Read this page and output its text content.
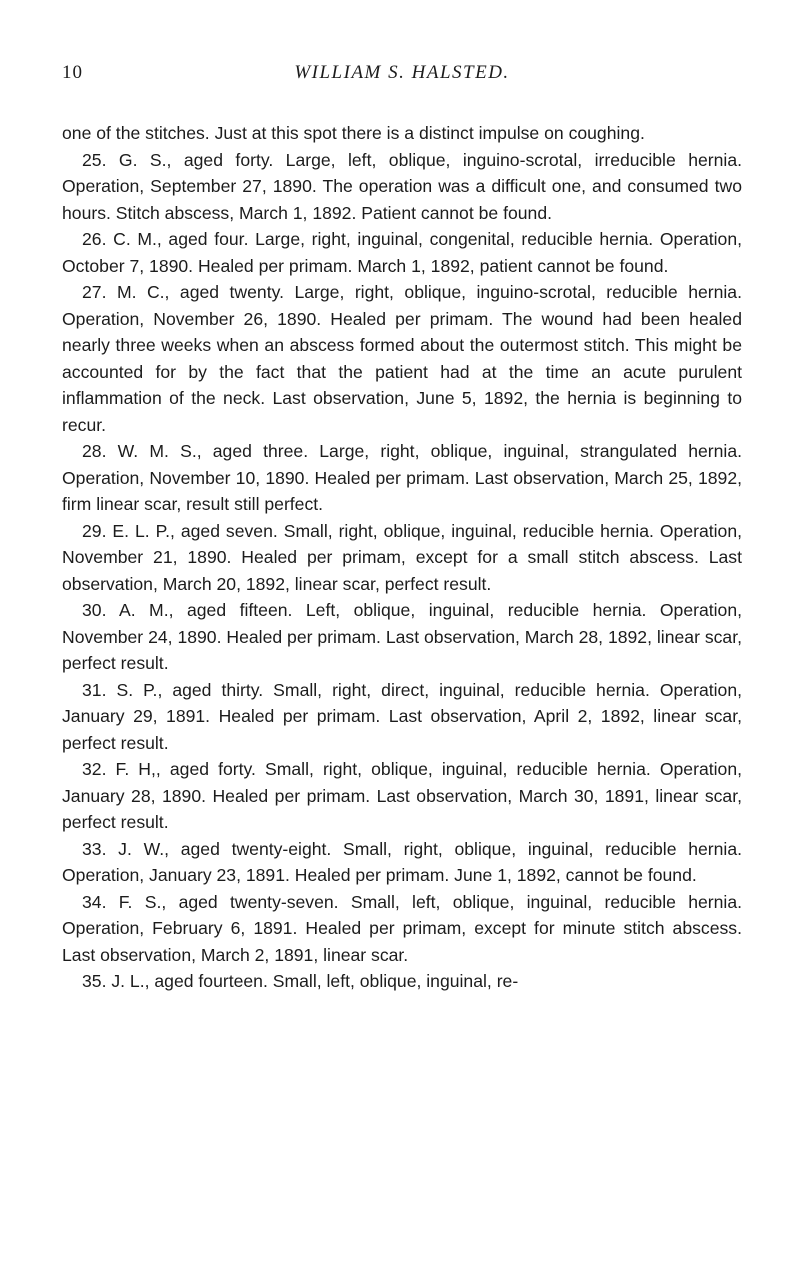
10	WILLIAM S. HALSTED.

one of the stitches. Just at this spot there is a distinct impulse on coughing.

25. G. S., aged forty. Large, left, oblique, inguino-scrotal, irreducible hernia. Operation, September 27, 1890. The operation was a difficult one, and consumed two hours. Stitch abscess, March 1, 1892. Patient cannot be found.

26. C. M., aged four. Large, right, inguinal, congenital, reducible hernia. Operation, October 7, 1890. Healed per primam. March 1, 1892, patient cannot be found.

27. M. C., aged twenty. Large, right, oblique, inguino-scrotal, reducible hernia. Operation, November 26, 1890. Healed per primam. The wound had been healed nearly three weeks when an abscess formed about the outermost stitch. This might be accounted for by the fact that the patient had at the time an acute purulent inflammation of the neck. Last observation, June 5, 1892, the hernia is beginning to recur.

28. W. M. S., aged three. Large, right, oblique, inguinal, strangulated hernia. Operation, November 10, 1890. Healed per primam. Last observation, March 25, 1892, firm linear scar, result still perfect.

29. E. L. P., aged seven. Small, right, oblique, inguinal, reducible hernia. Operation, November 21, 1890. Healed per primam, except for a small stitch abscess. Last observation, March 20, 1892, linear scar, perfect result.

30. A. M., aged fifteen. Left, oblique, inguinal, reducible hernia. Operation, November 24, 1890. Healed per primam. Last observation, March 28, 1892, linear scar, perfect result.

31. S. P., aged thirty. Small, right, direct, inguinal, reducible hernia. Operation, January 29, 1891. Healed per primam. Last observation, April 2, 1892, linear scar, perfect result.

32. F. H,, aged forty. Small, right, oblique, inguinal, reducible hernia. Operation, January 28, 1890. Healed per primam. Last observation, March 30, 1891, linear scar, perfect result.

33. J. W., aged twenty-eight. Small, right, oblique, inguinal, reducible hernia. Operation, January 23, 1891. Healed per primam. June 1, 1892, cannot be found.

34. F. S., aged twenty-seven. Small, left, oblique, inguinal, reducible hernia. Operation, February 6, 1891. Healed per primam, except for minute stitch abscess. Last observation, March 2, 1891, linear scar.

35. J. L., aged fourteen. Small, left, oblique, inguinal, re-
